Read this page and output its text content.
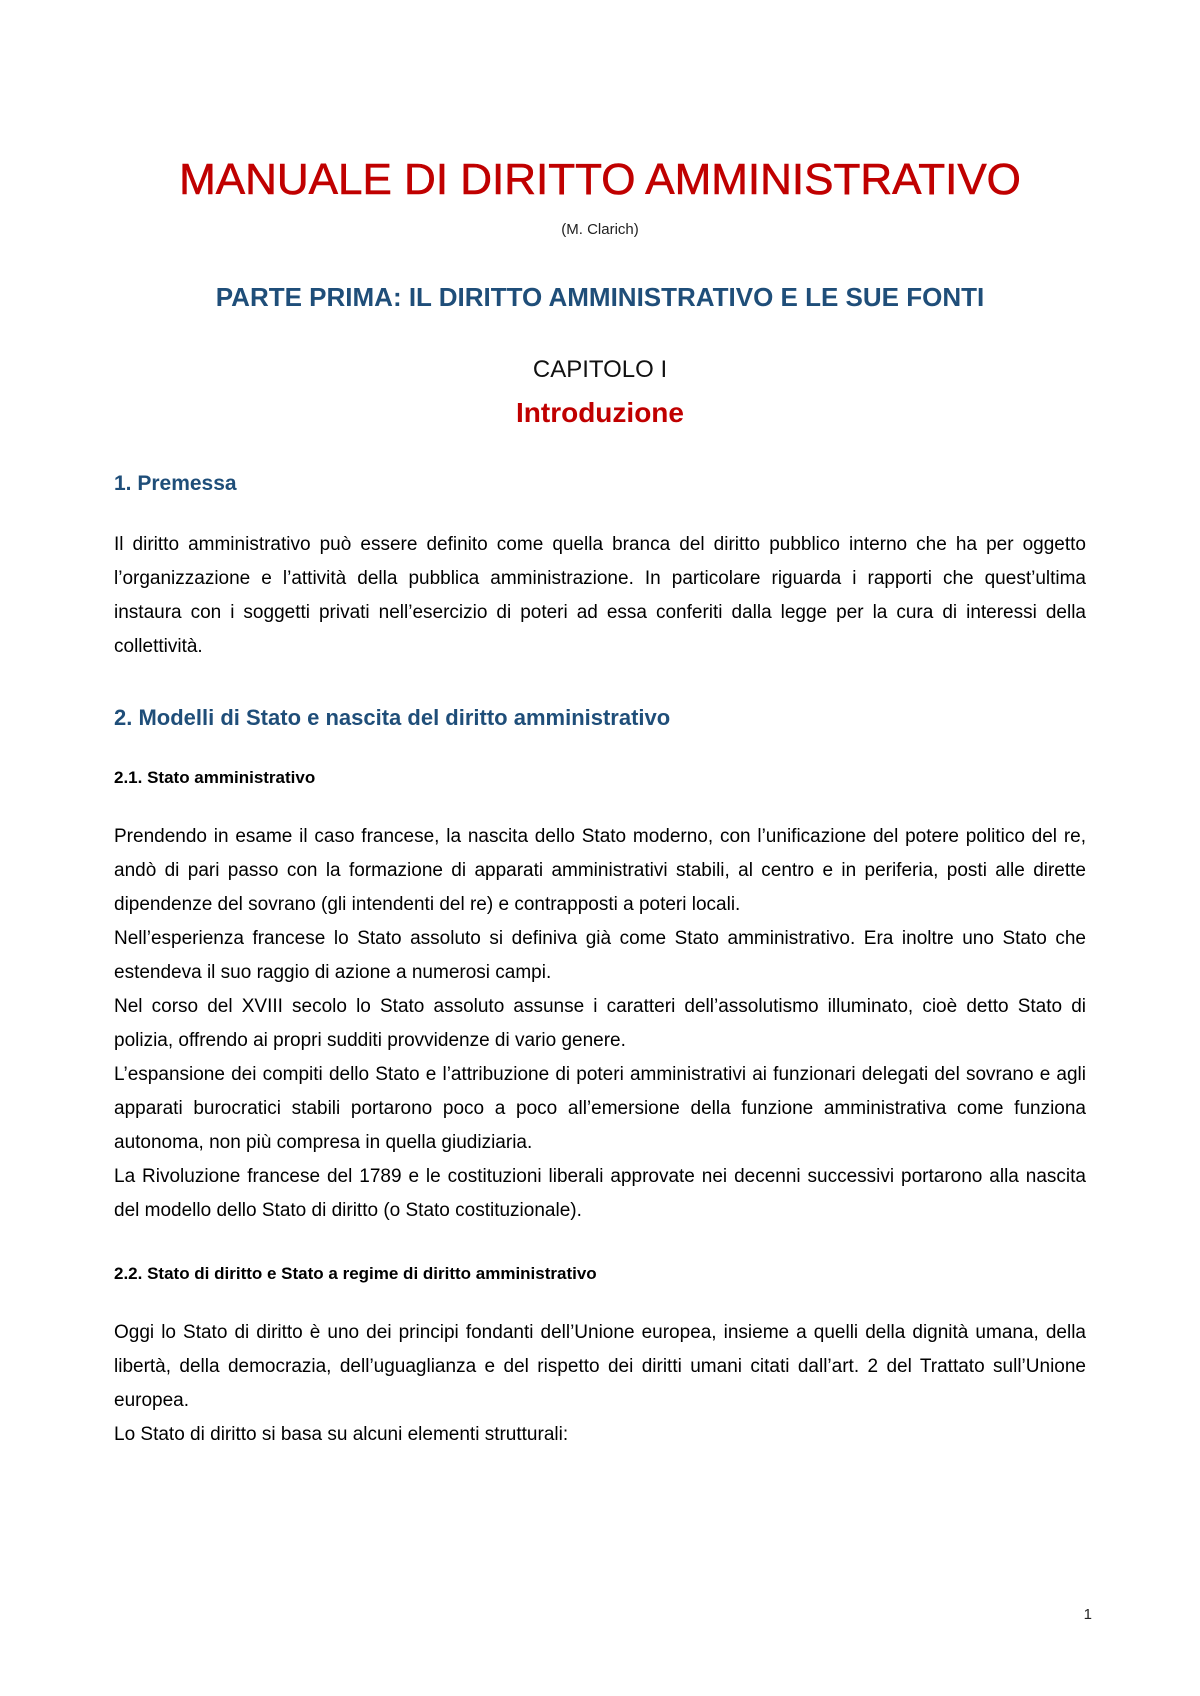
MANUALE DI DIRITTO AMMINISTRATIVO
(M. Clarich)
PARTE PRIMA: IL DIRITTO AMMINISTRATIVO E LE SUE FONTI
CAPITOLO I
Introduzione
1. Premessa

Il diritto amministrativo può essere definito come quella branca del diritto pubblico interno che ha per oggetto l’organizzazione e l’attività della pubblica amministrazione. In particolare riguarda i rapporti che quest’ultima instaura con i soggetti privati nell’esercizio di poteri ad essa conferiti dalla legge per la cura di interessi della collettività.

2. Modelli di Stato e nascita del diritto amministrativo
2.1. Stato amministrativo

Prendendo in esame il caso francese, la nascita dello Stato moderno, con l’unificazione del potere politico del re, andò di pari passo con la formazione di apparati amministrativi stabili, al centro e in periferia, posti alle dirette dipendenze del sovrano (gli intendenti del re) e contrapposti a poteri locali.

Nell’esperienza francese lo Stato assoluto si definiva già come Stato amministrativo. Era inoltre uno Stato che estendeva il suo raggio di azione a numerosi campi.

Nel corso del XVIII secolo lo Stato assoluto assunse i caratteri dell’assolutismo illuminato, cioè detto Stato di polizia, offrendo ai propri sudditi provvidenze di vario genere.

L’espansione dei compiti dello Stato e l’attribuzione di poteri amministrativi ai funzionari delegati del sovrano e agli apparati burocratici stabili portarono poco a poco all’emersione della funzione amministrativa come funziona autonoma, non più compresa in quella giudiziaria.

La Rivoluzione francese del 1789 e le costituzioni liberali approvate nei decenni successivi portarono alla nascita del modello dello Stato di diritto (o Stato costituzionale).

2.2. Stato di diritto e Stato a regime di diritto amministrativo

Oggi lo Stato di diritto è uno dei principi fondanti dell’Unione europea, insieme a quelli della dignità umana, della libertà, della democrazia, dell’uguaglianza e del rispetto dei diritti umani citati dall’art. 2 del Trattato sull’Unione europea.

Lo Stato di diritto si basa su alcuni elementi strutturali:

1
